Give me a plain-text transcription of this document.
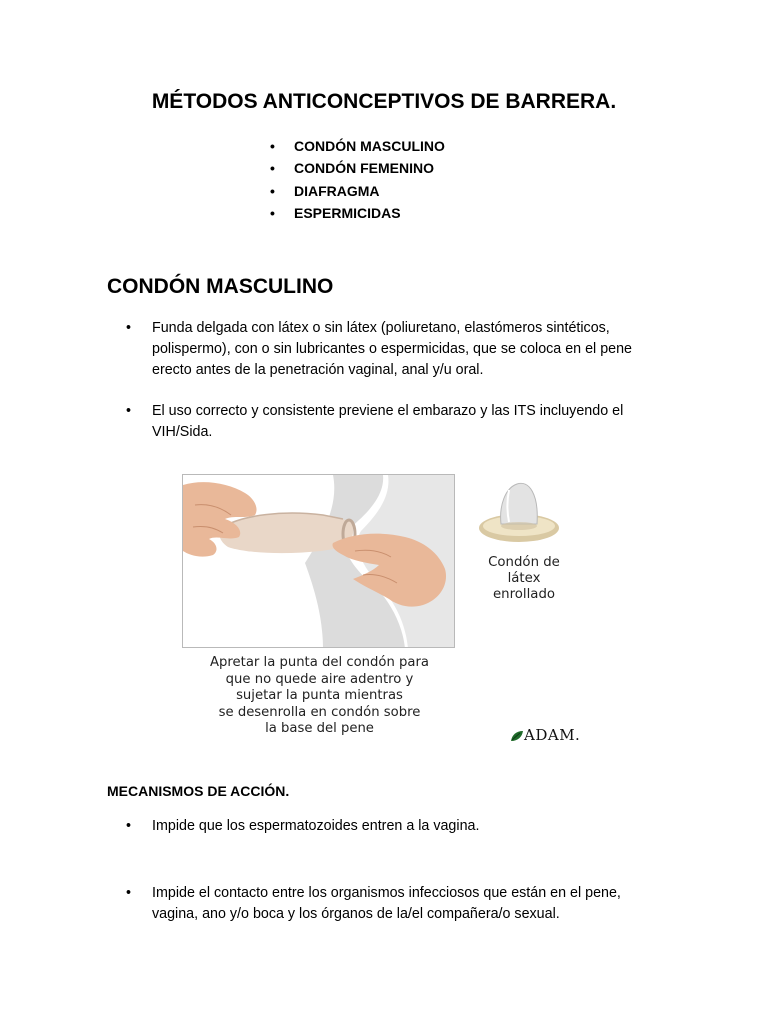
MÉTODOS ANTICONCEPTIVOS DE BARRERA.
• CONDÓN MASCULINO
• CONDÓN FEMENINO
• DIAFRAGMA
• ESPERMICIDAS
CONDÓN MASCULINO
• Funda delgada con látex o sin látex (poliuretano, elastómeros sintéticos, polispermo), con o sin lubricantes o espermicidas, que se coloca en el pene erecto antes de la penetración vaginal, anal y/u oral.
• El uso correcto y consistente previene el embarazo y las ITS incluyendo el VIH/Sida.
Apretar la punta del condón para
que no quede aire adentro y
sujetar la punta mientras
se desenrolla en condón sobre
la base del pene
Condón de
látex
enrollado
ADAM.
MECANISMOS DE ACCIÓN.
• Impide que los espermatozoides entren a la vagina.
• Impide el contacto entre los organismos infecciosos que están en el pene, vagina, ano y/o boca y los órganos de la/el compañera/o sexual.
